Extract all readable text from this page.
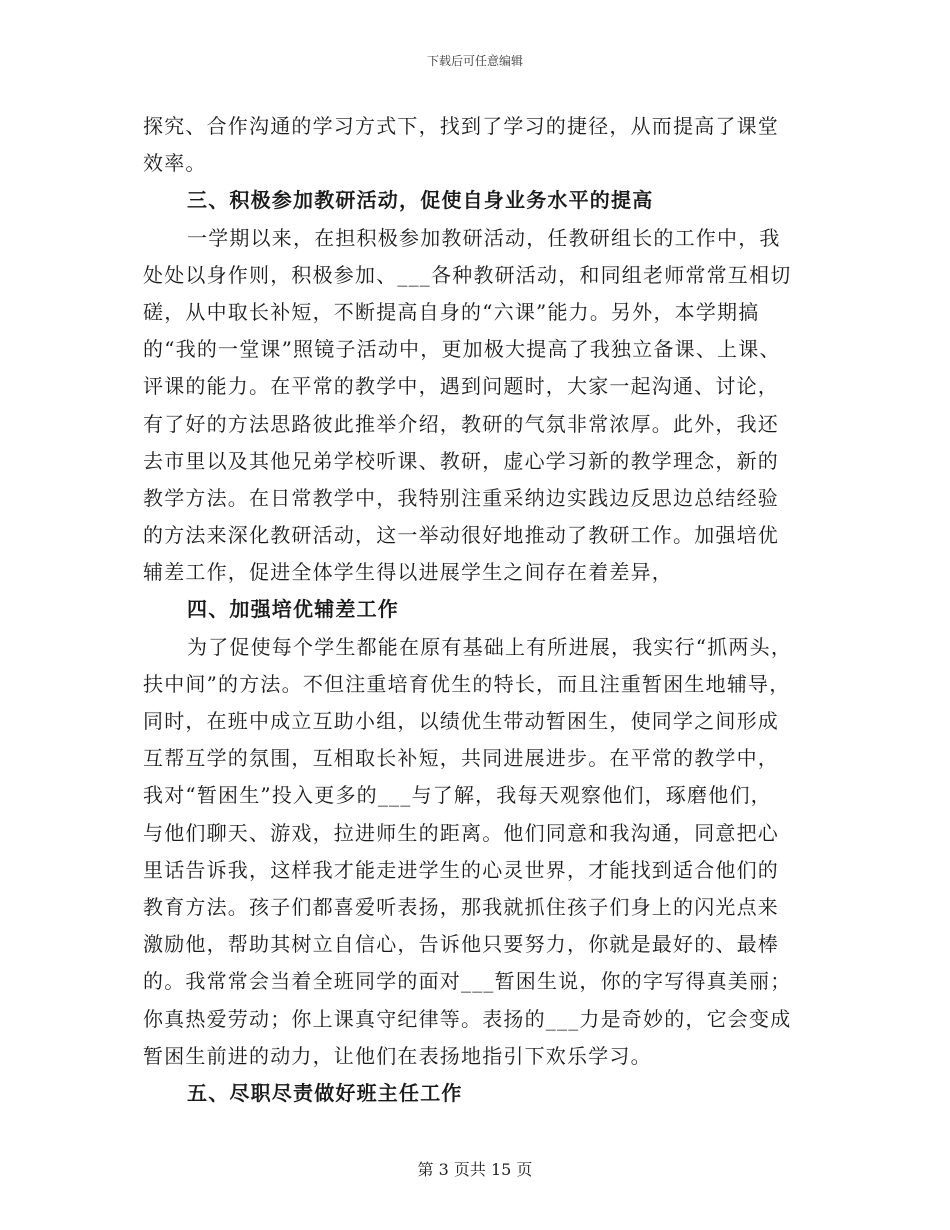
下载后可任意编辑
探究、合作沟通的学习方式下，找到了学习的捷径，从而提高了课堂
效率。
三、积极参加教研活动，促使自身业务水平的提高
一学期以来，在担积极参加教研活动，任教研组长的工作中，我
处处以身作则，积极参加、___各种教研活动，和同组老师常常互相切
磋，从中取长补短，不断提高自身的“六课”能力。另外，本学期搞
的“我的一堂课”照镜子活动中，更加极大提高了我独立备课、上课、
评课的能力。在平常的教学中，遇到问题时，大家一起沟通、讨论，
有了好的方法思路彼此推举介绍，教研的气氛非常浓厚。此外，我还
去市里以及其他兄弟学校听课、教研，虚心学习新的教学理念，新的
教学方法。在日常教学中，我特别注重采纳边实践边反思边总结经验
的方法来深化教研活动，这一举动很好地推动了教研工作。加强培优
辅差工作，促进全体学生得以进展学生之间存在着差异，
四、加强培优辅差工作
为了促使每个学生都能在原有基础上有所进展，我实行“抓两头，
扶中间”的方法。不但注重培育优生的特长，而且注重暂困生地辅导，
同时，在班中成立互助小组，以绩优生带动暂困生，使同学之间形成
互帮互学的氛围，互相取长补短，共同进展进步。在平常的教学中，
我对“暂困生”投入更多的___与了解，我每天观察他们，琢磨他们，
与他们聊天、游戏，拉进师生的距离。他们同意和我沟通，同意把心
里话告诉我，这样我才能走进学生的心灵世界，才能找到适合他们的
教育方法。孩子们都喜爱听表扬，那我就抓住孩子们身上的闪光点来
激励他，帮助其树立自信心，告诉他只要努力，你就是最好的、最棒
的。我常常会当着全班同学的面对___暂困生说，你的字写得真美丽；
你真热爱劳动；你上课真守纪律等。表扬的___力是奇妙的，它会变成
暂困生前进的动力，让他们在表扬地指引下欢乐学习。
五、尽职尽责做好班主任工作
第 3 页共 15 页
